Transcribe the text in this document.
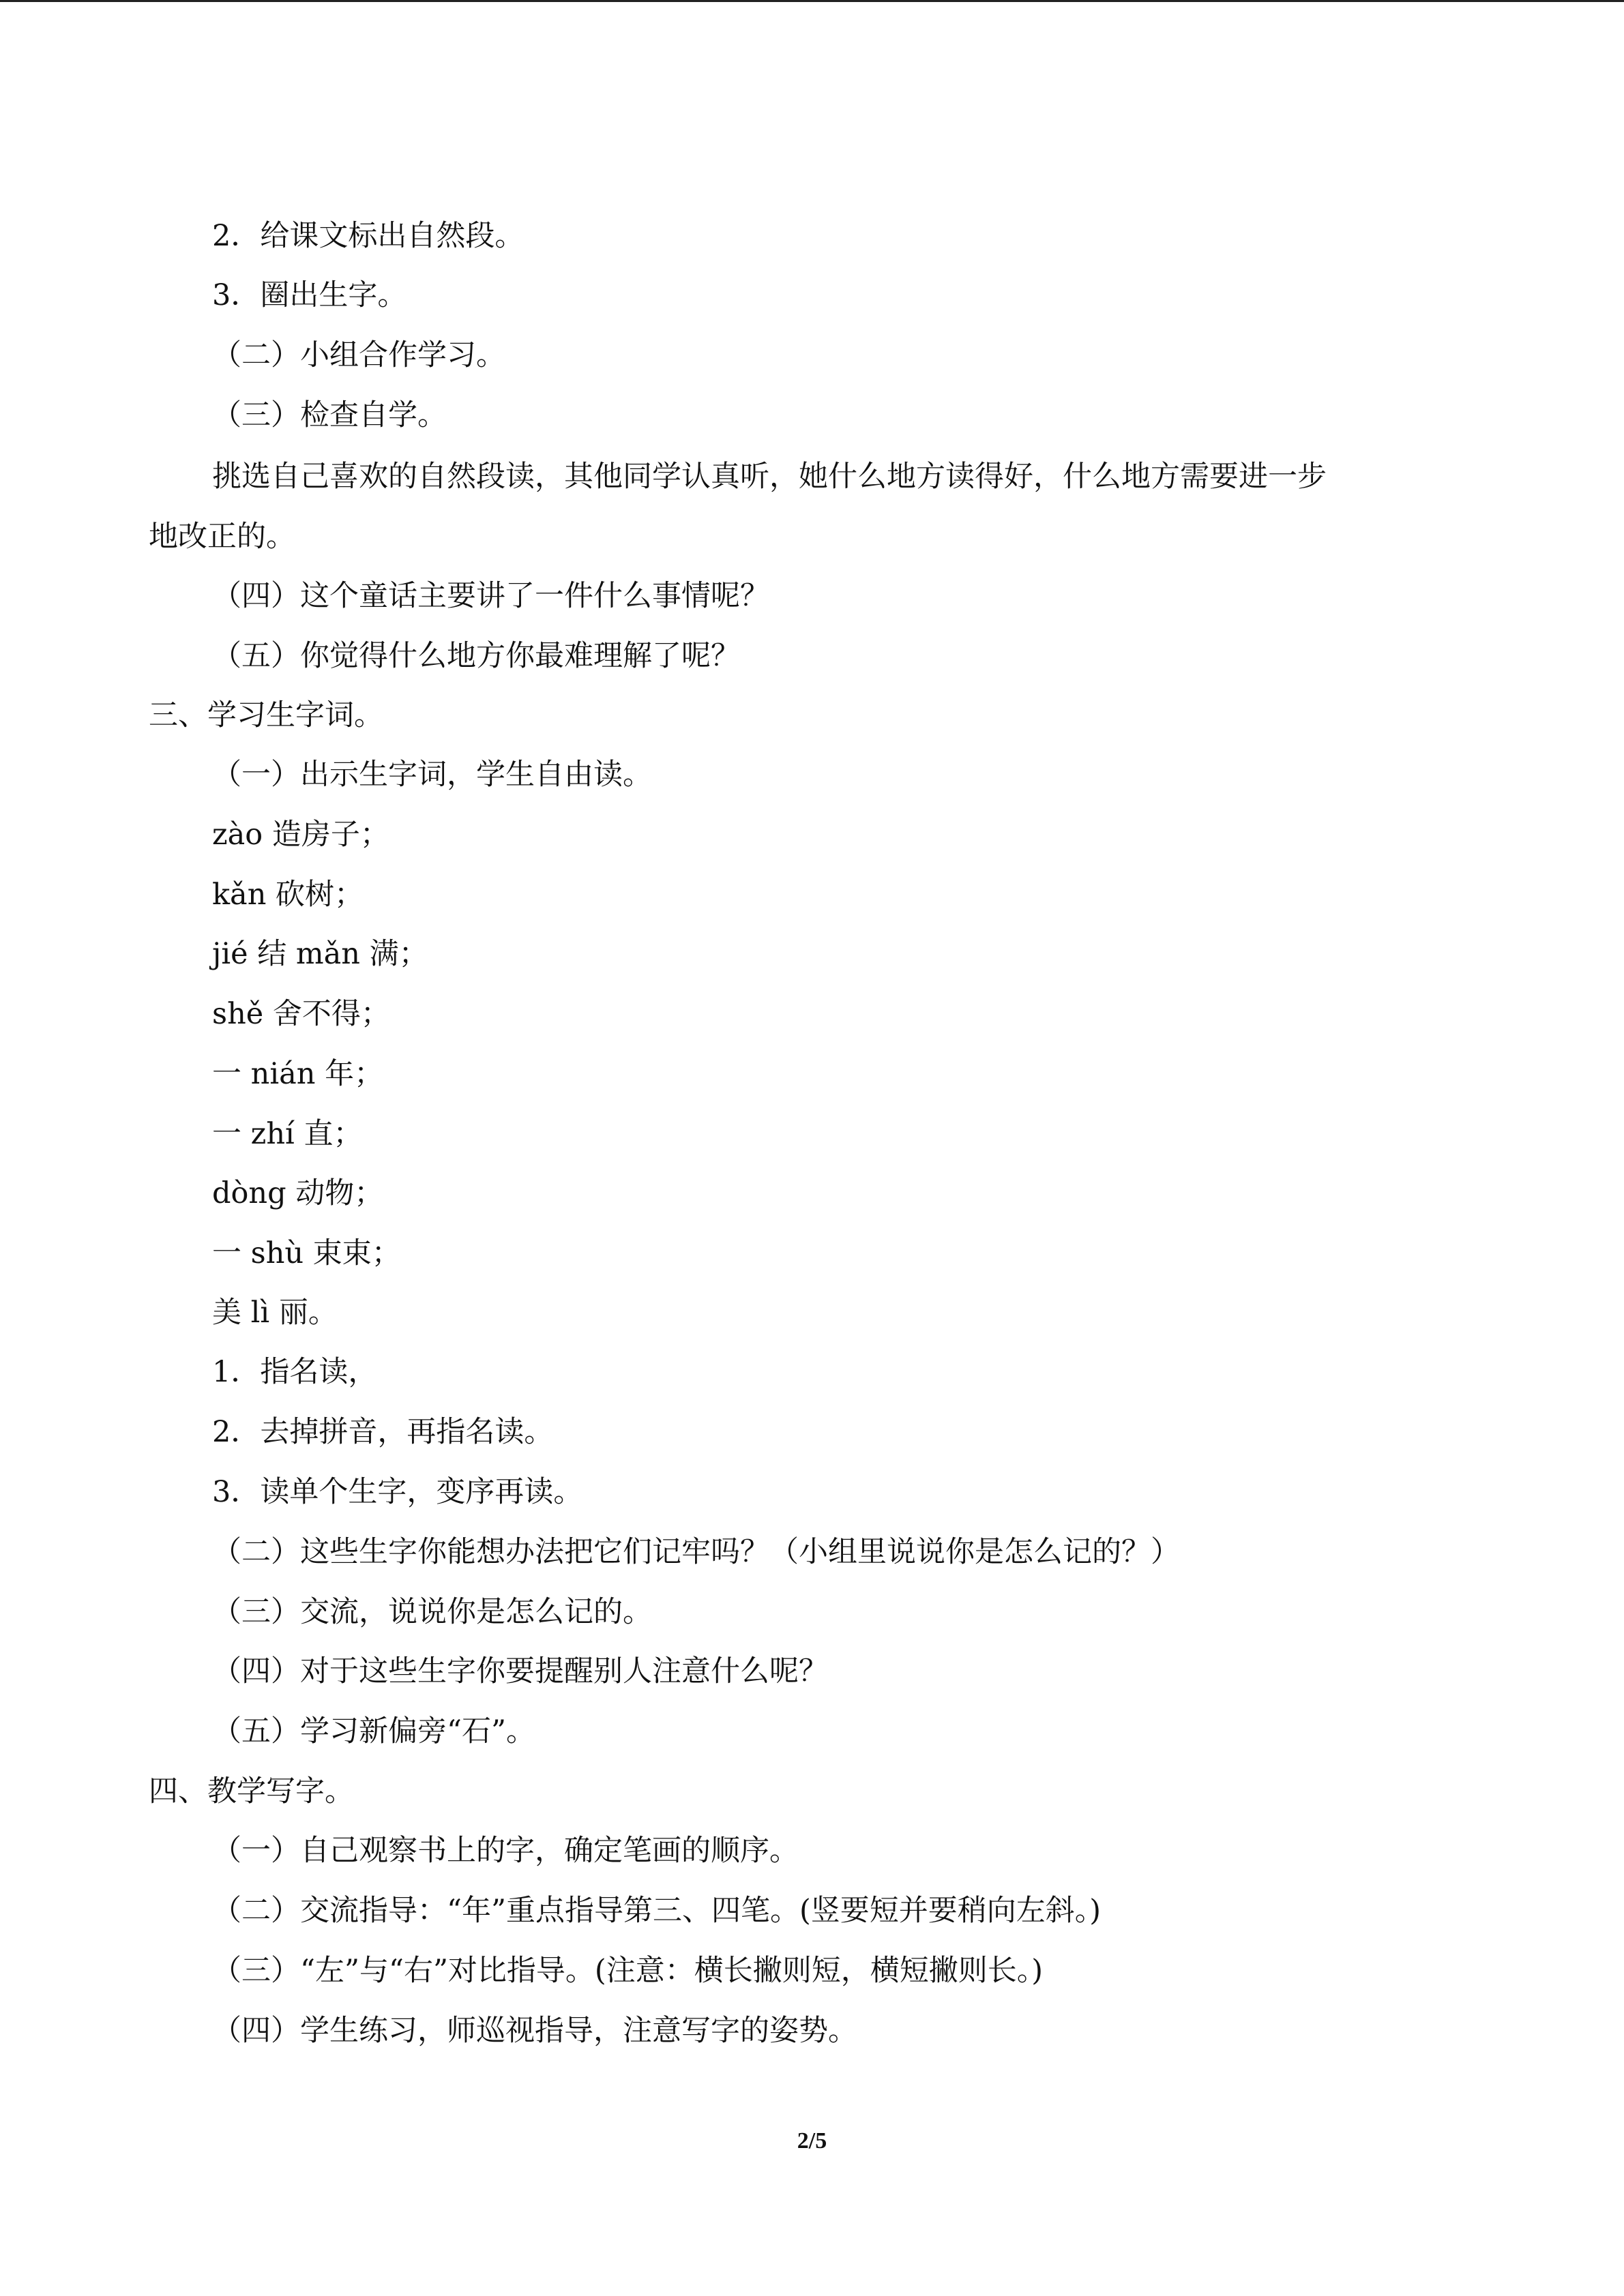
2．给课文标出自然段。
3．圈出生字。
（二）小组合作学习。
（三）检查自学。
挑选自己喜欢的自然段读，其他同学认真听，她什么地方读得好，什么地方需要进一步
地改正的。
（四）这个童话主要讲了一件什么事情呢？
（五）你觉得什么地方你最难理解了呢？
三、学习生字词。
（一）出示生字词，学生自由读。
zào 造房子；
kǎn 砍树；
jié 结 mǎn 满；
shě 舍不得；
一 nián 年；
一 zhí 直；
dòng 动物；
一 shù 束束；
美 lì 丽。
1．指名读，
2．去掉拼音，再指名读。
3．读单个生字，变序再读。
（二）这些生字你能想办法把它们记牢吗？（小组里说说你是怎么记的？）
（三）交流，说说你是怎么记的。
（四）对于这些生字你要提醒别人注意什么呢？
（五）学习新偏旁“石”。
四、教学写字。
（一）自己观察书上的字，确定笔画的顺序。
（二）交流指导：“年”重点指导第三、四笔。(竖要短并要稍向左斜。)
（三）“左”与“右”对比指导。(注意：横长撇则短，横短撇则长。)
（四）学生练习，师巡视指导，注意写字的姿势。
2/5
